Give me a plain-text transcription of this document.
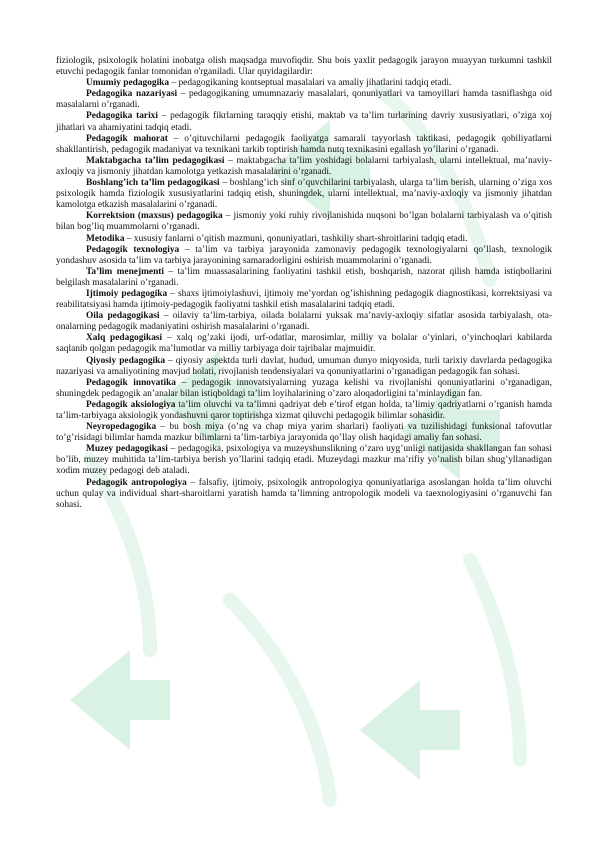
fiziologik, psixologik holatini inobatga olish maqsadga muvofiqdir. Shu bois yaxlit pedagogik jarayon muayyan turkumni tashkil etuvchi pedagogik fanlar tomonidan o'rganiladi. Ular quyidagilardir:

Umumiy pedagogika – pedagogikaning kontseptual masalalari va amaliy jihatlarini tadqiq etadi.

Pedagogika nazariyasi – pedagogikaning umumnazariy masalalari, qonuniyatlari va tamoyillari hamda tasniflashga oid masalalarni o’rganadi.

Pedagogika tarixi – pedagogik fikrlarning taraqqiy etishi, maktab va ta’lim turlarining davriy xususiyatlari, o’ziga xoj jihatlari va ahamiyatini tadqiq etadi.

Pedagogik mahorat – o’qituvchilarni pedagogik faoliyatga samarali tayyorlash taktikasi, pedagogik qobiliyatlarni shakllantirish, pedagogik madaniyat va texnikani tarkib toptirish hamda nutq texnikasini egallash yo’llarini o’rganadi.

Maktabgacha ta’lim pedagogikasi – maktabgacha ta’lim yoshidagi bolalarni tarbiyalash, ularni intellektual, ma’naviy-axloqiy va jismoniy jihatdan kamolotga yetkazish masalalarini o’rganadi.

Boshlang’ich ta’lim pedagogikasi – boshlang’ich sinf o’quvchilarini tarbiyalash, ularga ta’lim berish, ularning o’ziga xos psixologik hamda fiziologik xususiyatlarini tadqiq etish, shuningdek, ularni intellektual, ma’naviy-axloqiy va jismoniy jihatdan kamolotga etkazish masalalarini o’rganadi.

Korrektsion (maxsus) pedagogika – jismoniy yoki ruhiy rivojlanishida nuqsoni bo’lgan bolalarni tarbiyalash va o’qitish bilan bog’liq muammolarni o’rganadi.

Metodika – xususiy fanlarni o’qitish mazmuni, qonuniyatlari, tashkiliy shart-shroitlarini tadqiq etadi.

Pedagogik texnologiya – ta’lim va tarbiya jarayonida zamonaviy pedagogik texnologiyalarni qo’llash, texnologik yondashuv asosida ta’lim va tarbiya jarayonining samaradorligini oshirish muammolarini o’rganadi.

Ta’lim menejmenti – ta’lim muassasalarining faoliyatini tashkil etish, boshqarish, nazorat qilish hamda istiqbollarini belgilash masalalarini o’rganadi.

Ijtimoiy pedagogika – shaxs ijtimoiylashuvi, ijtimoiy me’yordan og’ishishning pedagogik diagnostikasi, korrektsiyasi va reabilitatsiyasi hamda ijtimoiy-pedagogik faoliyatni tashkil etish masalalarini tadqiq etadi.

Oila pedagogikasi – oilaviy ta’lim-tarbiya, oilada bolalarni yuksak ma’naviy-axloqiy sifatlar asosida tarbiyalash, ota-onalarning pedagogik madaniyatini oshirish masalalarini o’rganadi.

Xalq pedagogikasi – xalq og’zaki ijodi, urf-odatlar, marosimlar, milliy va bolalar o’yinlari, o’yinchoqlari kabilarda saqlanib qolgan pedagogik ma’lumotlar va milliy tarbiyaga doir tajribalar majmuidir.

Qiyosiy pedagogika – qiyosiy aspektda turli davlat, hudud, umuman dunyo miqyosida, turli tarixiy davrlarda pedagogika nazariyasi va amaliyotining mavjud holati, rivojlanish tendensiyalari va qonuniyatlarini o’rganadigan pedagogik fan sohasi.

Pedagogik innovatika – pedagogik innovatsiyalarning yuzaga kelishi va rivojlanishi qonuniyatlarini o’rganadigan, shuningdek pedagogik an’analar bilan istiqboldagi ta’lim loyihalarining o’zaro aloqadorligini ta’minlaydigan fan.

Pedagogik aksiologiya ta’lim oluvchi va ta’limni qadriyat deb e’tirof etgan holda, ta’limiy qadriyatlarni o’rganish hamda ta’lim-tarbiyaga aksiologik yondashuvni qaror toptirishga xizmat qiluvchi pedagogik bilimlar sohasidir.

Neyropedagogika – bu bosh miya (o’ng va chap miya yarim sharlari) faoliyati va tuzilishidagi funksional tafovutlar to’g’risidagi bilimlar hamda mazkur bilimlarni ta’lim-tarbiya jarayonida qo’llay olish haqidagi amaliy fan sohasi.

Muzey pedagogikasi – pedagogika, psixologiya va muzeyshunslikning o’zaro uyg’unligi natijasida shakllangan fan sohasi bo’lib, muzey muhitida ta’lim-tarbiya berish yo’llarini tadqiq etadi. Muzeydagi mazkur ma’rifiy yo’nalish bilan shug’yllanadigan xodim muzey pedagogi deb ataladi.

Pedagogik antropologiya – falsafiy, ijtimoiy, psixologik antropologiya qonuniyatlariga asoslangan holda ta’lim oluvchi uchun qulay va individual shart-sharoitlarni yaratish hamda ta’limning antropologik modeli va taexnologiyasini o’rganuvchi fan sohasi.
